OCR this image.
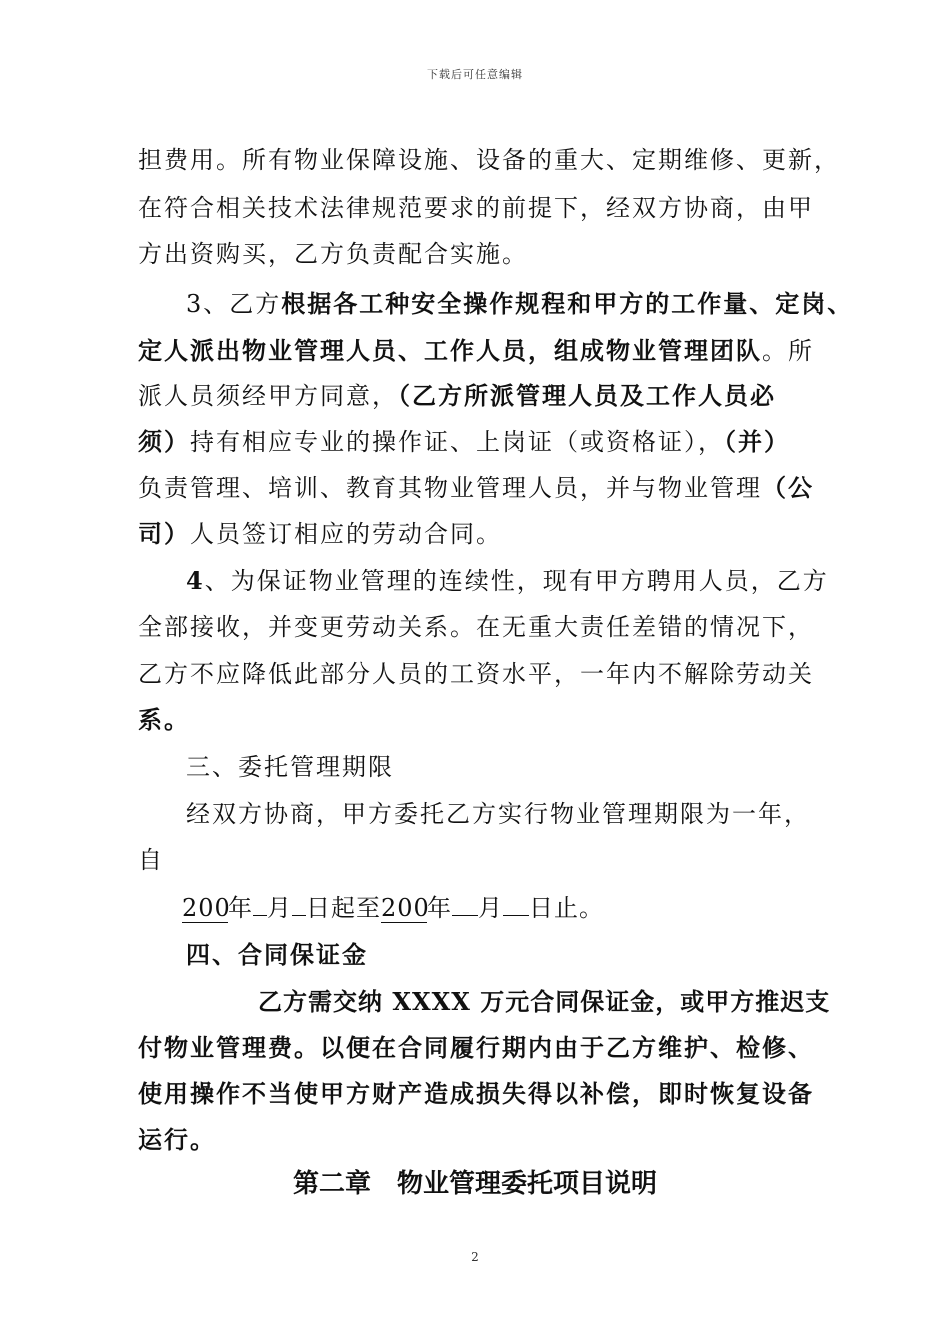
下载后可任意编辑
担费用。所有物业保障设施、设备的重大、定期维修、更新，
在符合相关技术法律规范要求的前提下，经双方协商，由甲
方出资购买，乙方负责配合实施。
3、乙方根据各工种安全操作规程和甲方的工作量、定岗、
定人派出物业管理人员、工作人员，组成物业管理团队。所
派人员须经甲方同意，（乙方所派管理人员及工作人员必
须）持有相应专业的操作证、上岗证（或资格证），（并）
负责管理、培训、教育其物业管理人员，并与物业管理（公
司）人员签订相应的劳动合同。
4、为保证物业管理的连续性，现有甲方聘用人员，乙方
全部接收，并变更劳动关系。在无重大责任差错的情况下，
乙方不应降低此部分人员的工资水平，一年内不解除劳动关
系。
三、委托管理期限
经双方协商，甲方委托乙方实行物业管理期限为一年，
自
200年 月 日起至200年 月 日止。
四、合同保证金
乙方需交纳 XXXX 万元合同保证金，或甲方推迟支
付物业管理费。以便在合同履行期内由于乙方维护、检修、
使用操作不当使甲方财产造成损失得以补偿，即时恢复设备
运行。
第二章 物业管理委托项目说明
2
